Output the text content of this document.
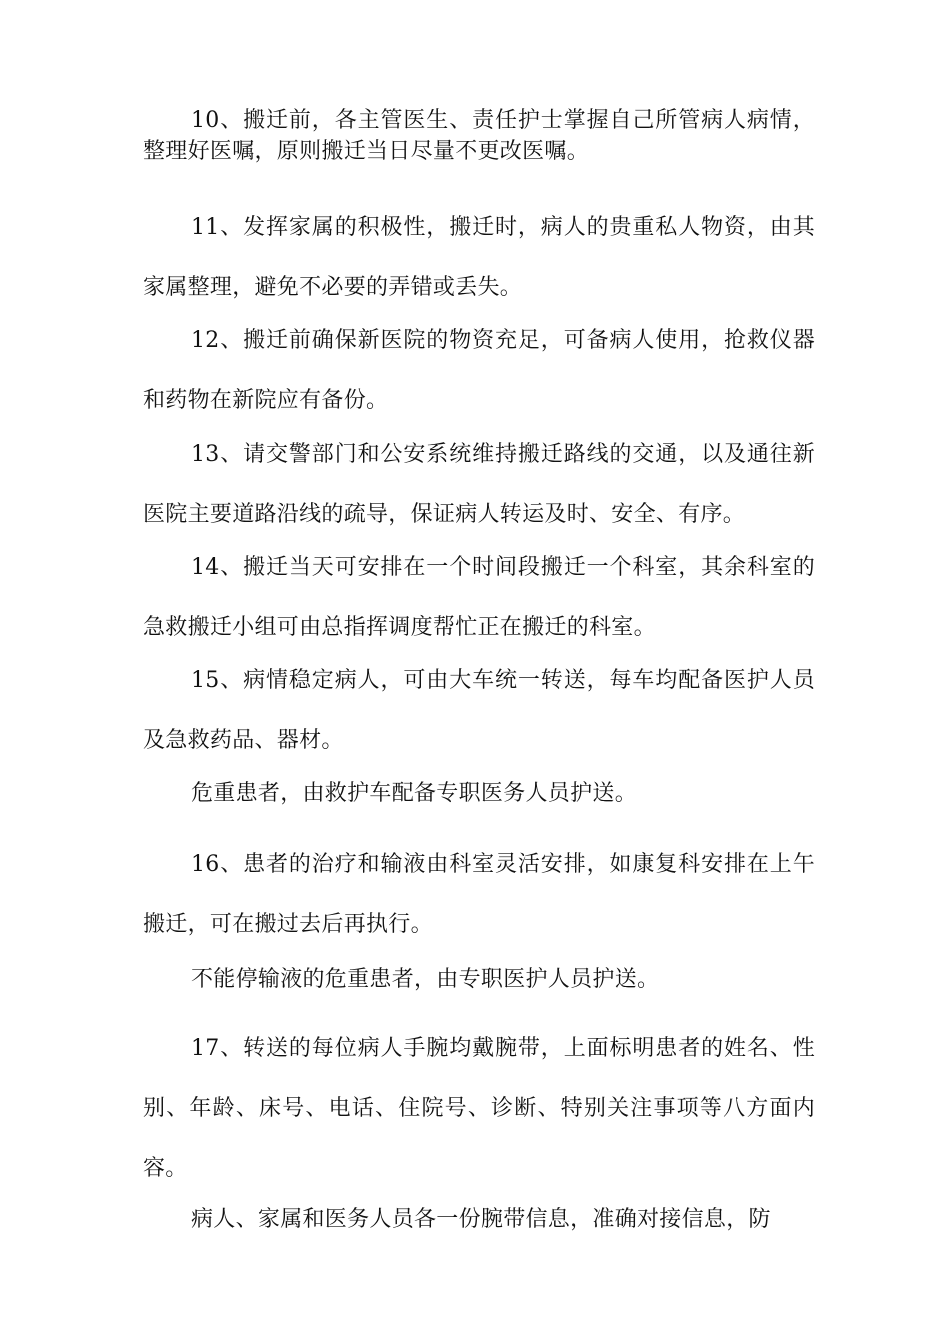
10、搬迁前，各主管医生、责任护士掌握自己所管病人病情，整理好医嘱，原则搬迁当日尽量不更改医嘱。

11、发挥家属的积极性，搬迁时，病人的贵重私人物资，由其家属整理，避免不必要的弄错或丢失。

12、搬迁前确保新医院的物资充足，可备病人使用，抢救仪器和药物在新院应有备份。

13、请交警部门和公安系统维持搬迁路线的交通，以及通往新医院主要道路沿线的疏导，保证病人转运及时、安全、有序。

14、搬迁当天可安排在一个时间段搬迁一个科室，其余科室的急救搬迁小组可由总指挥调度帮忙正在搬迁的科室。

15、病情稳定病人，可由大车统一转送，每车均配备医护人员及急救药品、器材。

危重患者，由救护车配备专职医务人员护送。

16、患者的治疗和输液由科室灵活安排，如康复科安排在上午搬迁，可在搬过去后再执行。

不能停输液的危重患者，由专职医护人员护送。

17、转送的每位病人手腕均戴腕带，上面标明患者的姓名、性别、年龄、床号、电话、住院号、诊断、特别关注事项等八方面内容。

病人、家属和医务人员各一份腕带信息，准确对接信息，防
